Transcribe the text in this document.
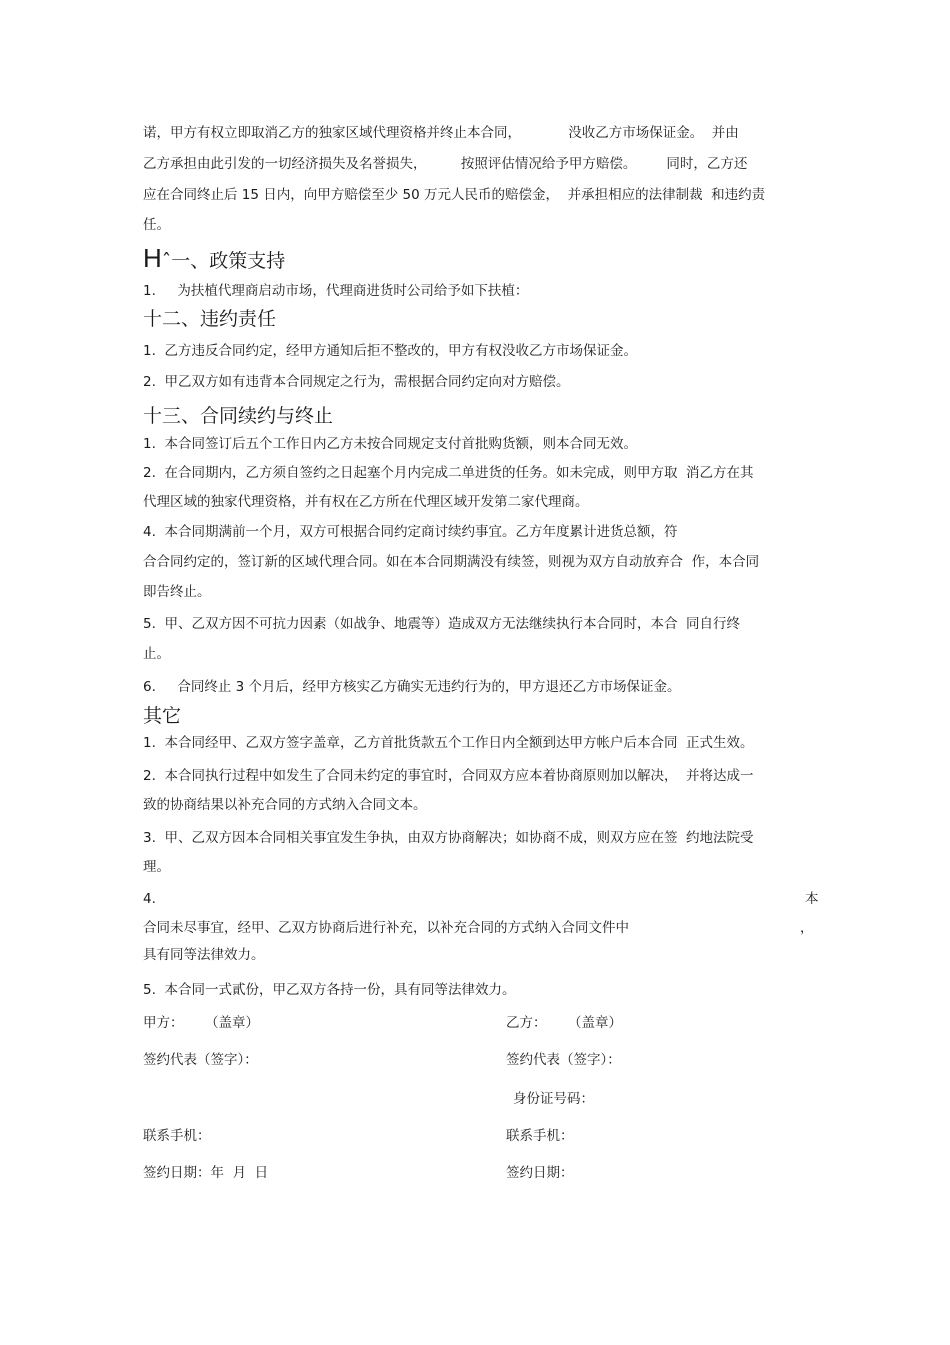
诺，甲方有权立即取消乙方的独家区域代理资格并终止本合同，           没收乙方市场保证金。  并由
乙方承担由此引发的一切经济损失及名誉损失，        按照评估情况给予甲方赔偿。       同时，乙方还
应在合同终止后 15 日内，向甲方赔偿至少 50 万元人民币的赔偿金，  并承担相应的法律制裁  和违约责
任。
Hˆ一、政策支持
1.     为扶植代理商启动市场，代理商进货时公司给予如下扶植：
十二、违约责任
1.  乙方违反合同约定，经甲方通知后拒不整改的，甲方有权没收乙方市场保证金。
2.  甲乙双方如有违背本合同规定之行为，需根据合同约定向对方赔偿。
十三、合同续约与终止
1.  本合同签订后五个工作日内乙方未按合同规定支付首批购货额，则本合同无效。
2.  在合同期内，乙方须自签约之日起塞个月内完成二单进货的任务。如未完成，则甲方取  消乙方在其
代理区域的独家代理资格，并有权在乙方所在代理区域开发第二家代理商。
4.  本合同期满前一个月，双方可根据合同约定商讨续约事宜。乙方年度累计进货总额，符
合合同约定的，签订新的区域代理合同。如在本合同期满没有续签，则视为双方自动放弃合  作，本合同
即告终止。
5.  甲、乙双方因不可抗力因素（如战争、地震等）造成双方无法继续执行本合同时，本合  同自行终
止。
6.     合同终止 3 个月后，经甲方核实乙方确实无违约行为的，甲方退还乙方市场保证金。
其它
1.  本合同经甲、乙双方签字盖章，乙方首批货款五个工作日内全额到达甲方帐户后本合同  正式生效。
2.  本合同执行过程中如发生了合同未约定的事宜时，合同双方应本着协商原则加以解决，  并将达成一
致的协商结果以补充合同的方式纳入合同文本。
3.  甲、乙双方因本合同相关事宜发生争执，由双方协商解决；如协商不成，则双方应在签  约地法院受
理。
4.	本
合同未尽事宜，经甲、乙双方协商后进行补充，以补充合同的方式纳入合同文件中	，
具有同等法律效力。
5.  本合同一式貳份，甲乙双方各持一份，具有同等法律效力。
甲方：     （盖章）	乙方：     （盖章）
签约代表（签字）：	签约代表（签字）：
身份证号码：
联系手机：	联系手机：
签约日期：年  月  日	签约日期：
